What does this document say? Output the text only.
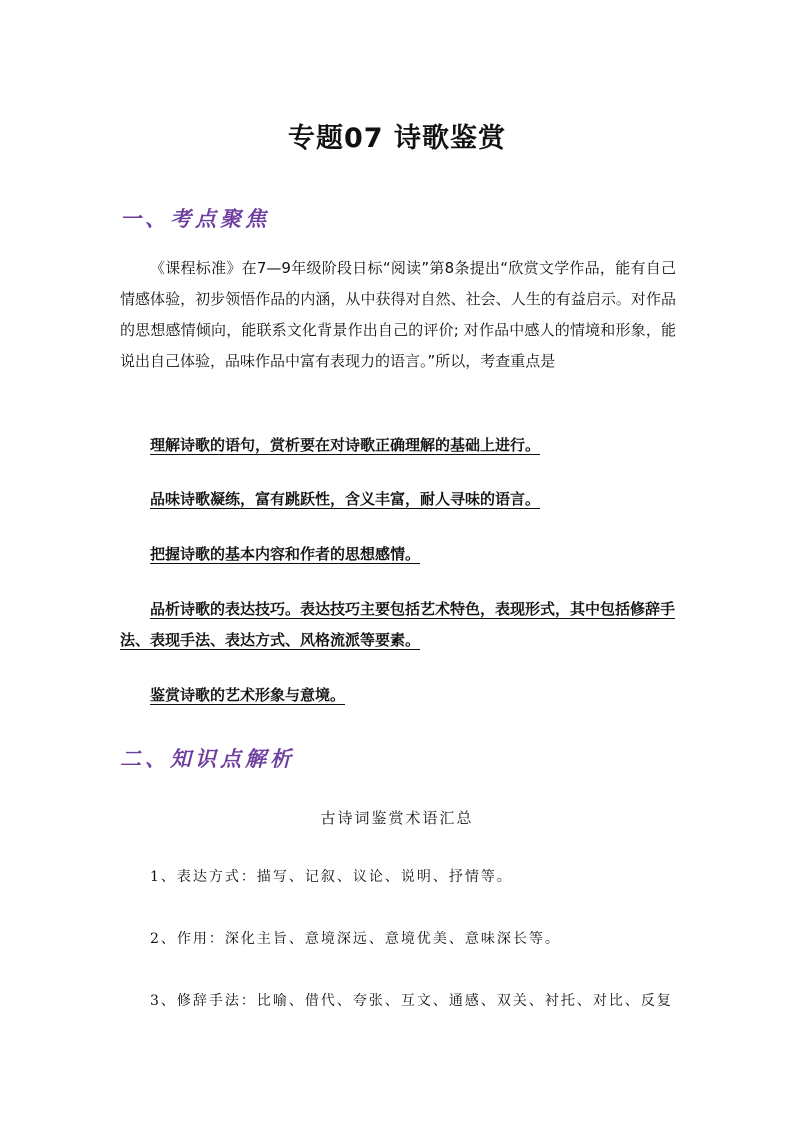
专题07 诗歌鉴赏
一、考点聚焦
《课程标准》在7—9年级阶段日标“阅读”第8条提出“欣赏文学作品，能有自己情感体验，初步领悟作品的内涵，从中获得对自然、社会、人生的有益启示。对作品的思想感情倾向，能联系文化背景作出自己的评价; 对作品中感人的情境和形象，能说出自己体验，品味作品中富有表现力的语言。”所以，考查重点是
理解诗歌的语句，赏析要在对诗歌正确理解的基础上进行。
品味诗歌凝练，富有跳跃性，含义丰富，耐人寻味的语言。
把握诗歌的基本内容和作者的思想感情。
品析诗歌的表达技巧。表达技巧主要包括艺术特色，表现形式，其中包括修辞手法、表现手法、表达方式、风格流派等要素。
鉴赏诗歌的艺术形象与意境。
二、知识点解析
古诗词鉴赏术语汇总
1、表达方式：描写、记叙、议论、说明、抒情等。
2、作用：深化主旨、意境深远、意境优美、意味深长等。
3、修辞手法：比喻、借代、夸张、互文、通感、双关、衬托、对比、反复
